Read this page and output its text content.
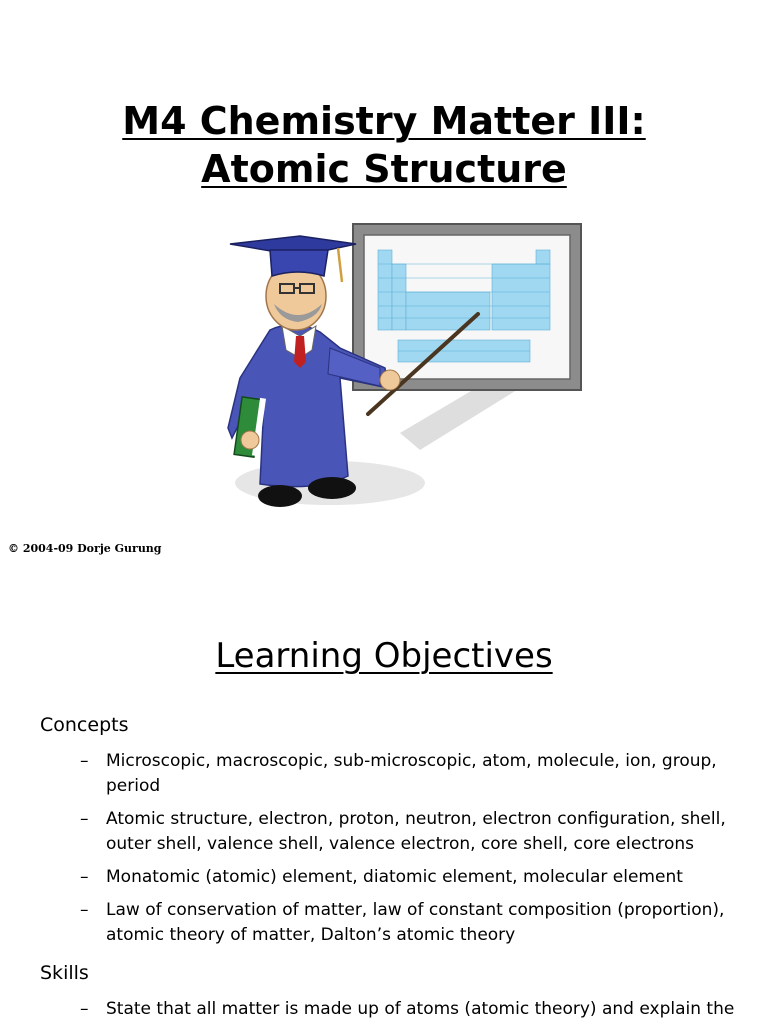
M4 Chemistry Matter III:
Atomic Structure
© 2004-09 Dorje Gurung
Learning Objectives
Concepts
– Microscopic, macroscopic, sub-microscopic, atom, molecule, ion, group, period
– Atomic structure, electron, proton, neutron, electron configuration, shell, outer shell, valence shell, valence electron, core shell, core electrons
– Monatomic (atomic) element, diatomic element, molecular element
– Law of conservation of matter, law of constant composition (proportion), atomic theory of matter, Dalton’s atomic theory
Skills
– State that all matter is made up of atoms (atomic theory) and explain the
